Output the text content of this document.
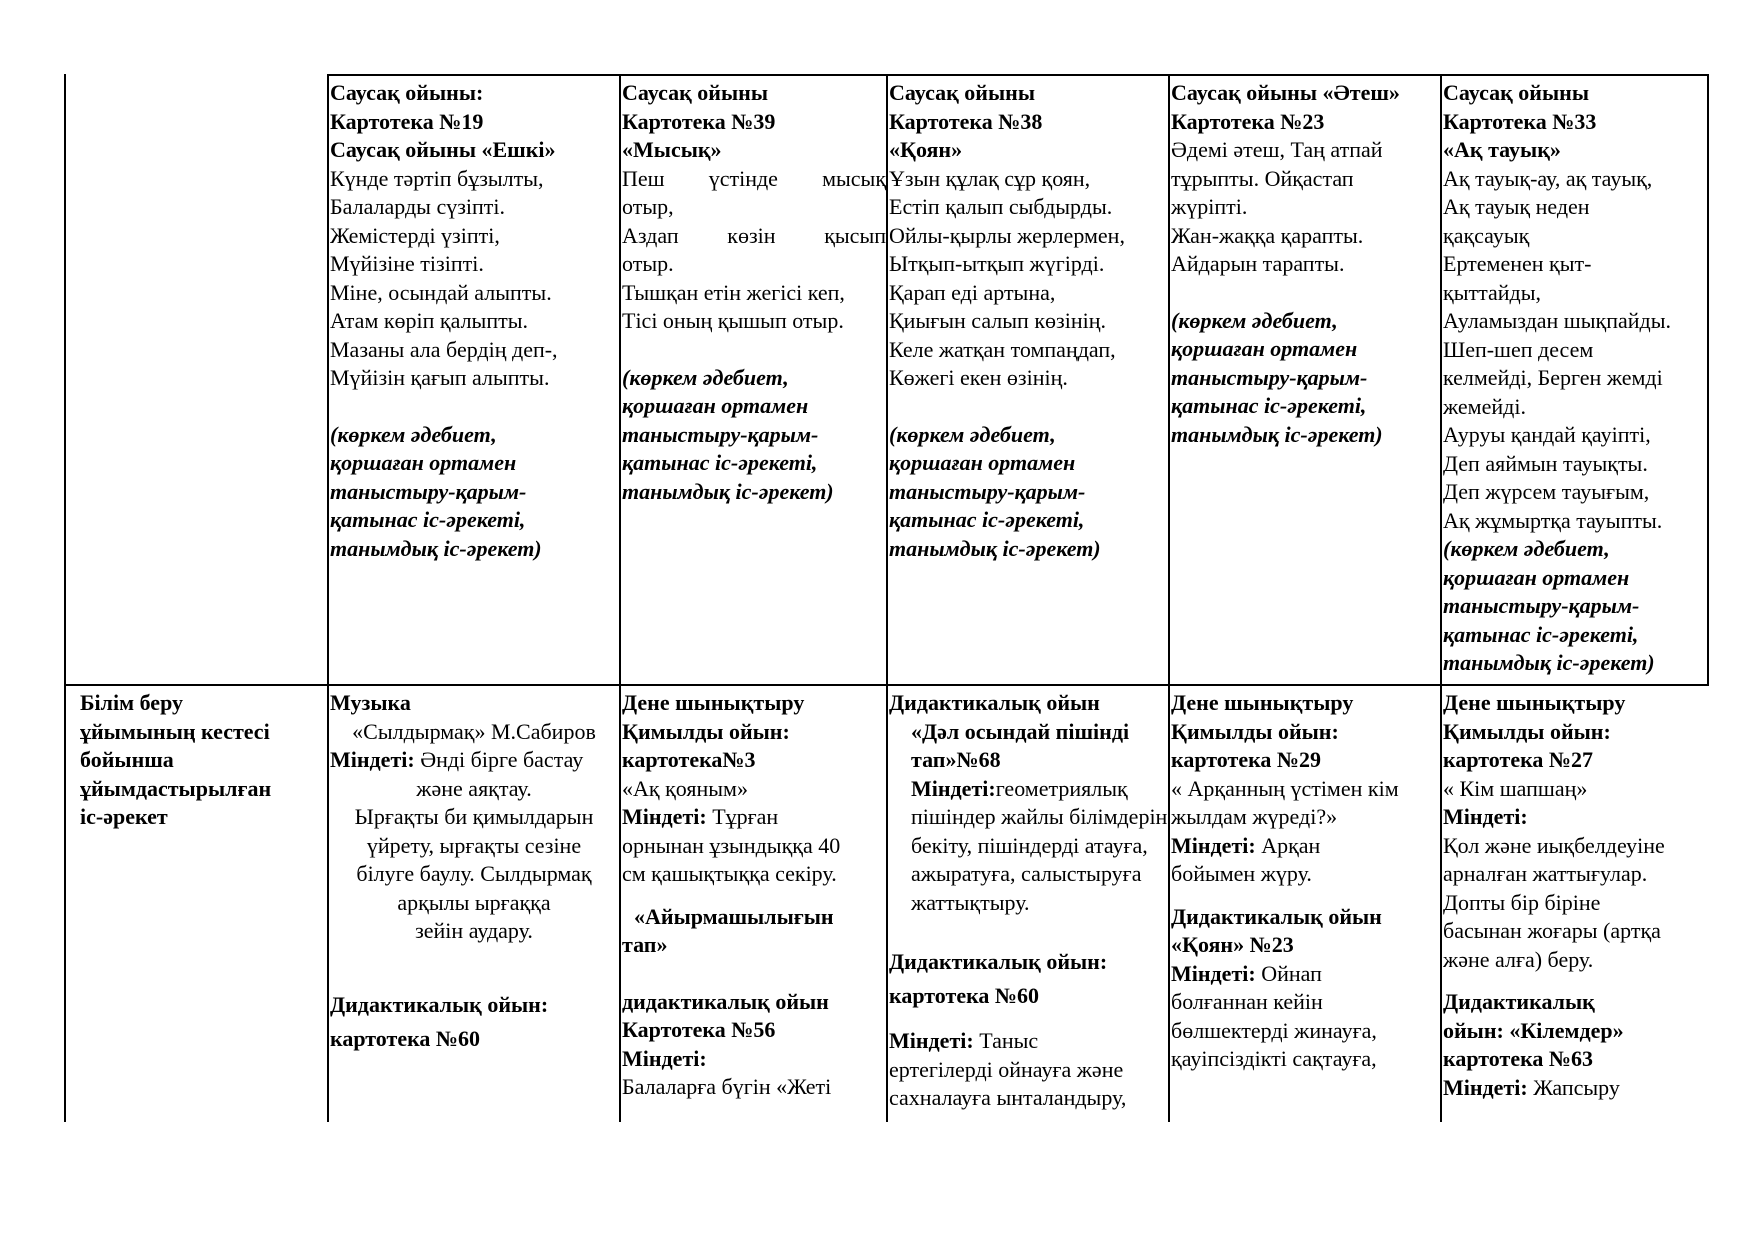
Саусақ ойыны:

Картотека №19

Саусақ ойыны «Ешкі»

Күнде тәртіп бұзылты,

Балаларды сүзіпті.

Жемістерді үзіпті,

Мүйізіне тізіпті.

Міне, осындай алыпты.

Атам көріп қалыпты.

Мазаны ала бердің деп-,

Мүйізін қағып алыпты.

(көркем әдебиет,

қоршаған ортамен

таныстыру-қарым-

қатынас іс-әрекеті,

танымдық іс-әрекет)

Саусақ ойыны

Картотека №39

«Мысық»

Пеш үстінде мысық

отыр,

Аздап көзін қысып

отыр.

Тышқан етін жегісі кеп,

Тісі оның қышып отыр.

(көркем әдебиет,

қоршаған ортамен

таныстыру-қарым-

қатынас іс-әрекеті,

танымдық іс-әрекет)

Саусақ ойыны

Картотека №38

«Қоян»

Ұзын құлақ сұр қоян,

Естіп қалып сыбдырды.

Ойлы-қырлы жерлермен,

Ытқып-ытқып жүгірді.

Қарап еді артына,

Қиығын салып көзінің.

Келе жатқан томпаңдап,

Көжегі екен өзінің.

(көркем әдебиет,

қоршаған ортамен

таныстыру-қарым-

қатынас іс-әрекеті,

танымдық іс-әрекет)

Саусақ ойыны «Әтеш»

Картотека №23

Әдемі әтеш, Таң атпай

тұрыпты. Ойқастап

жүріпті.

Жан-жаққа қарапты.

Айдарын тарапты.

(көркем әдебиет,

қоршаған ортамен

таныстыру-қарым-

қатынас іс-әрекеті,

танымдық іс-әрекет)

Саусақ ойыны

Картотека №33

«Ақ тауық»

Ақ тауық-ау, ақ тауық,

Ақ тауық неден

қақсауық

Ертеменен қыт-

қыттайды,

Ауламыздан шықпайды.

Шеп-шеп десем

келмейді, Берген жемді

жемейді.

Ауруы қандай қауіпті,

Деп аяймын тауықты.

Деп жүрсем тауығым,

Ақ жұмыртқа тауыпты.

(көркем әдебиет,

қоршаған ортамен

таныстыру-қарым-

қатынас іс-әрекеті,

танымдық іс-әрекет)

Білім беру

ұйымының кестесі

бойынша

ұйымдастырылған

іс-әрекет

Музыка

«Сылдырмақ» М.Сабиров

Міндеті: Әнді бірге бастау

және аяқтау.

Ырғақты би қимылдарын

үйрету, ырғақты сезіне

білуге баулу. Сылдырмақ

арқылы ырғаққа

зейін аудару.

Дидактикалық ойын:

картотека №60

Дене шынықтыру

Қимылды ойын:

картотека№3

«Ақ қояным»

Міндеті: Тұрған

орнынан ұзындыққа 40

см қашықтыққа секіру.

«Айырмашылығын

тап»

дидактикалық ойын

Картотека №56

Міндеті:

Балаларға бүгін «Жеті

Дидактикалық ойын

«Дәл осындай пішінді

тап»№68

Міндеті:геометриялық

пішіндер жайлы білімдерін

бекіту, пішіндерді атауға,

ажыратуға, салыстыруға

жаттықтыру.

Дидактикалық ойын:

картотека №60

Міндеті: Таныс

ертегілерді ойнауға және

сахналауға ынталандыру,

Дене шынықтыру

Қимылды ойын:

картотека №29

« Арқанның үстімен кім

жылдам жүреді?»

Міндеті: Арқан

бойымен жүру.

Дидактикалық ойын

«Қоян» №23

Міндеті: Ойнап

болғаннан кейін

бөлшектерді жинауға,

қауіпсіздікті сақтауға,

Дене шынықтыру

Қимылды ойын:

картотека №27

« Кім шапшаң»

Міндеті:

Қол және иықбелдеуіне

арналған жаттығулар.

Допты бір біріне

басынан жоғары (артқа

және алға) беру.

Дидактикалық

ойын: «Кілемдер»

картотека №63

Міндеті: Жапсыру
